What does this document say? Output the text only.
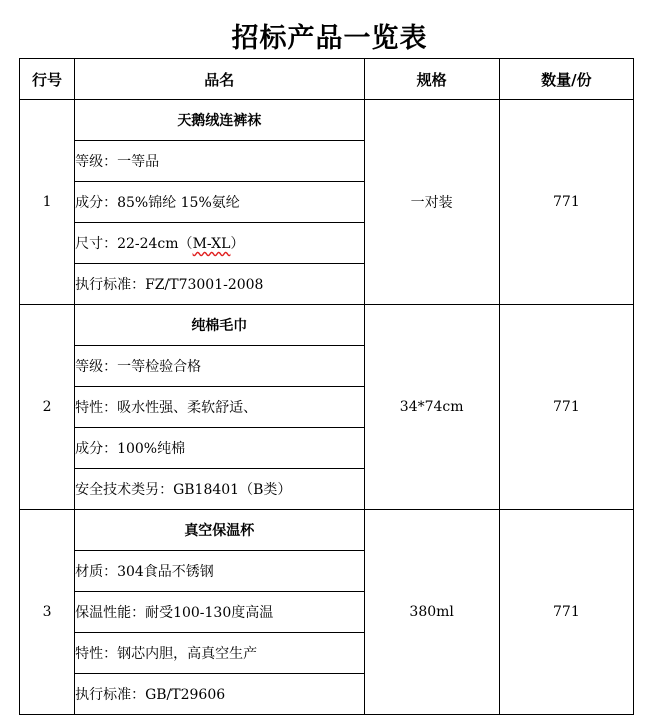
招标产品一览表
行号	品名	规格	数量/份
1	天鹅绒连裤袜	一对装	771
	等级：一等品		
	成分：85%锦纶 15%氨纶		
	尺寸：22-24cm（M-XL）		
	执行标准：FZ/T73001-2008		
2	纯棉毛巾	34*74cm	771
	等级：一等检验合格		
	特性：吸水性强、柔软舒适、		
	成分：100%纯棉		
	安全技术类另：GB18401（B类）		
3	真空保温杯	380ml	771
	材质：304食品不锈钢		
	保温性能：耐受100-130度高温		
	特性：钢芯内胆，高真空生产		
	执行标准：GB/T29606		
